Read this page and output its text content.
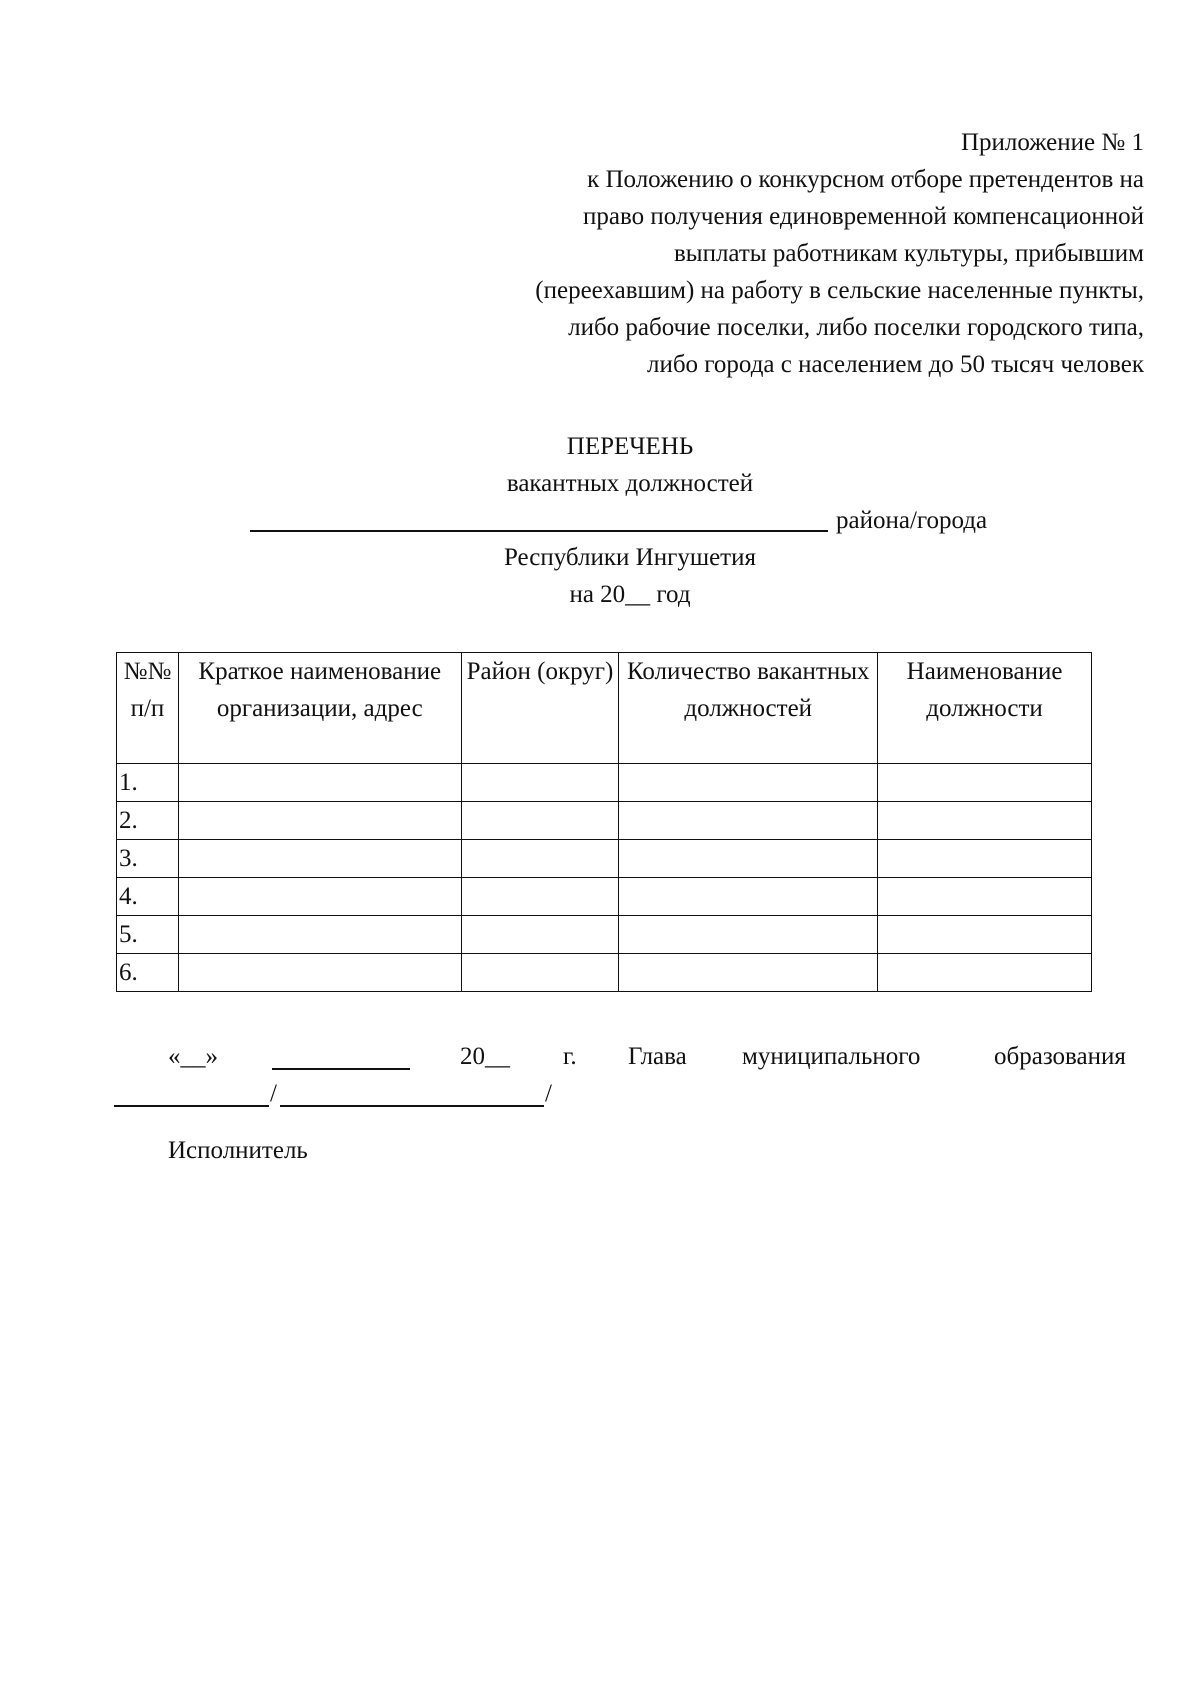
Приложение № 1
к Положению о конкурсном отборе претендентов на
право получения единовременной компенсационной
выплаты работникам культуры, прибывшим
(переехавшим) на работу в сельские населенные пункты,
либо рабочие поселки, либо поселки городского типа,
либо города с населением до 50 тысяч человек
ПЕРЕЧЕНЬ
вакантных должностей
района/города
Республики Ингушетия
на 20__ год
№№ п/п	Краткое наименование организации, адрес	Район (округ)	Количество вакантных должностей	Наименование должности
1.				
2.				
3.				
4.				
5.				
6.				
«__»	20__ г. Глава муниципального	образования
/	/
Исполнитель
